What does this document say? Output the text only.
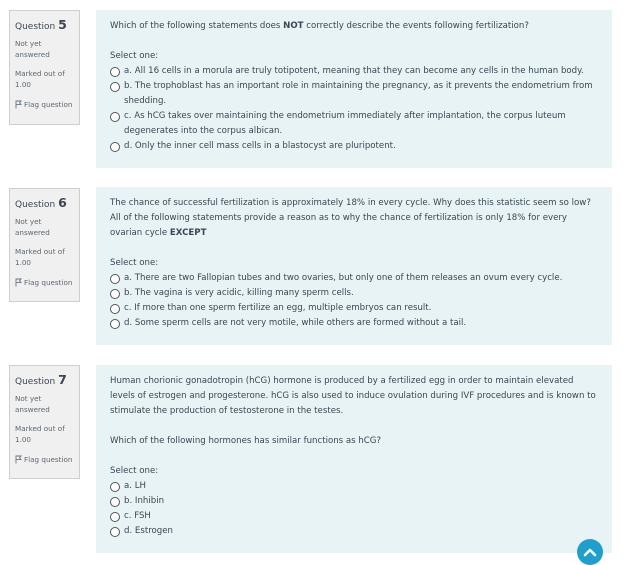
Question 5
Not yet answered
Marked out of 1.00
Flag question
Which of the following statements does NOT correctly describe the events following fertilization?
Select one:
a. All 16 cells in a morula are truly totipotent, meaning that they can become any cells in the human body.
b. The trophoblast has an important role in maintaining the pregnancy, as it prevents the endometrium from shedding.
c. As hCG takes over maintaining the endometrium immediately after implantation, the corpus luteum degenerates into the corpus albican.
d. Only the inner cell mass cells in a blastocyst are pluripotent.
Question 6
Not yet answered
Marked out of 1.00
Flag question
The chance of successful fertilization is approximately 18% in every cycle. Why does this statistic seem so low? All of the following statements provide a reason as to why the chance of fertilization is only 18% for every ovarian cycle EXCEPT
Select one:
a. There are two Fallopian tubes and two ovaries, but only one of them releases an ovum every cycle.
b. The vagina is very acidic, killing many sperm cells.
c. If more than one sperm fertilize an egg, multiple embryos can result.
d. Some sperm cells are not very motile, while others are formed without a tail.
Question 7
Not yet answered
Marked out of 1.00
Flag question
Human chorionic gonadotropin (hCG) hormone is produced by a fertilized egg in order to maintain elevated levels of estrogen and progesterone. hCG is also used to induce ovulation during IVF procedures and is known to stimulate the production of testosterone in the testes.
Which of the following hormones has similar functions as hCG?
Select one:
a. LH
b. Inhibin
c. FSH
d. Estrogen
